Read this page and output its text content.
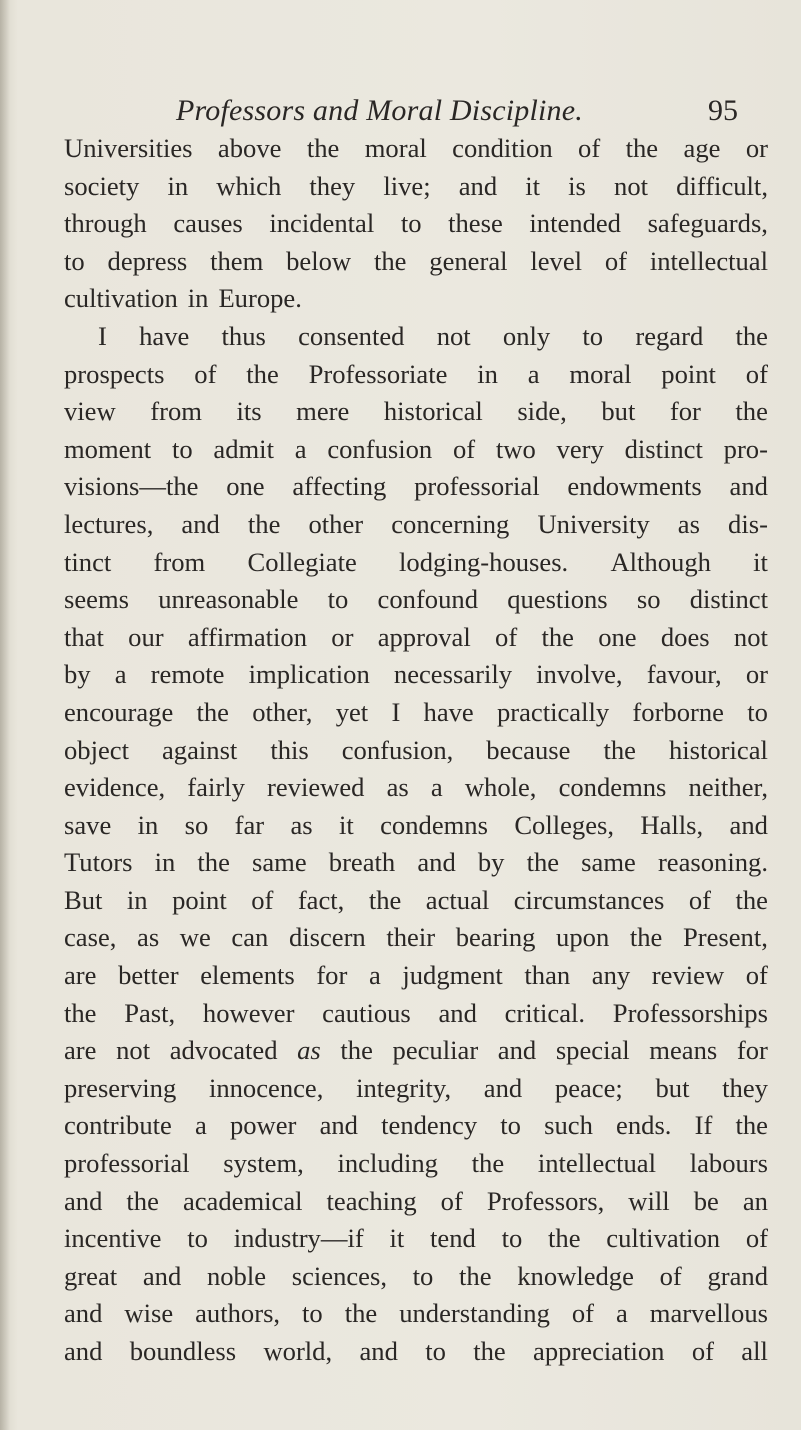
Professors and Moral Discipline.	95
Universities above the moral condition of the age or
society in which they live; and it is not difficult,
through causes incidental to these intended safeguards,
to depress them below the general level of intellectual
cultivation in Europe.
I have thus consented not only to regard the
prospects of the Professoriate in a moral point of
view from its mere historical side, but for the
moment to admit a confusion of two very distinct pro-
visions—the one affecting professorial endowments and
lectures, and the other concerning University as dis-
tinct from Collegiate lodging-houses. Although it
seems unreasonable to confound questions so distinct
that our affirmation or approval of the one does not
by a remote implication necessarily involve, favour, or
encourage the other, yet I have practically forborne to
object against this confusion, because the historical
evidence, fairly reviewed as a whole, condemns neither,
save in so far as it condemns Colleges, Halls, and
Tutors in the same breath and by the same reasoning.
But in point of fact, the actual circumstances of the
case, as we can discern their bearing upon the Present,
are better elements for a judgment than any review of
the Past, however cautious and critical. Professorships
are not advocated as the peculiar and special means for
preserving innocence, integrity, and peace; but they
contribute a power and tendency to such ends. If the
professorial system, including the intellectual labours
and the academical teaching of Professors, will be an
incentive to industry—if it tend to the cultivation of
great and noble sciences, to the knowledge of grand
and wise authors, to the understanding of a marvellous
and boundless world, and to the appreciation of all
